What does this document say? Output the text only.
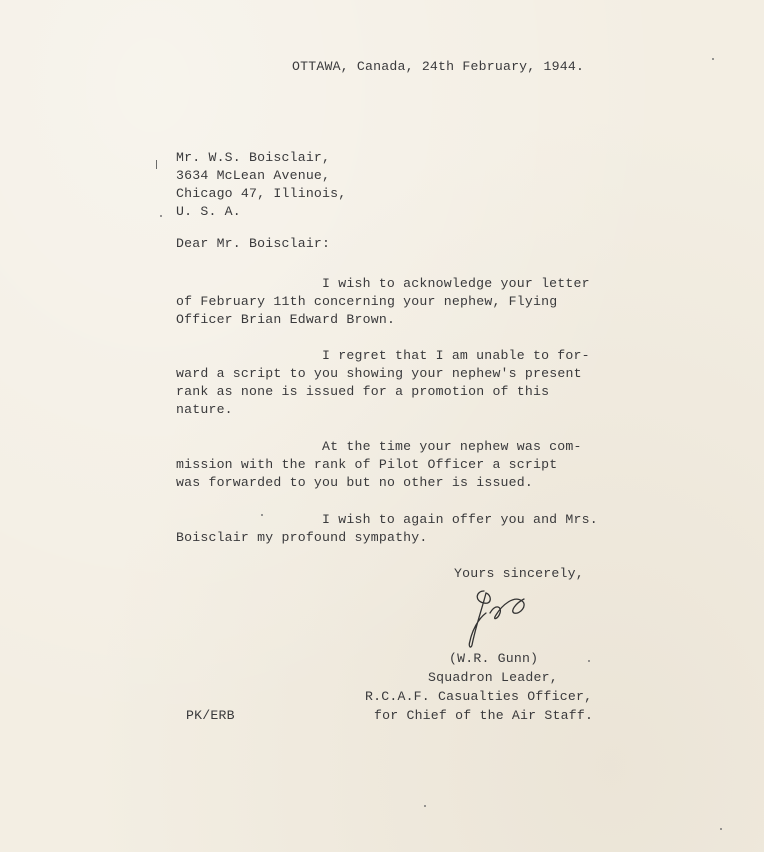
OTTAWA, Canada, 24th February, 1944.
Mr. W.S. Boisclair,
3634 McLean Avenue,
Chicago 47, Illinois,
U. S. A.
Dear Mr. Boisclair:
I wish to acknowledge your letter
of February 11th concerning your nephew, Flying
Officer Brian Edward Brown.
I regret that I am unable to for-
ward a script to you showing your nephew's present
rank as none is issued for a promotion of this
nature.
At the time your nephew was com-
mission with the rank of Pilot Officer a script
was forwarded to you but no other is issued.
I wish to again offer you and Mrs.
Boisclair my profound sympathy.
Yours sincerely,
(W.R. Gunn)
Squadron Leader,
R.C.A.F. Casualties Officer,
for Chief of the Air Staff.
PK/ERB
